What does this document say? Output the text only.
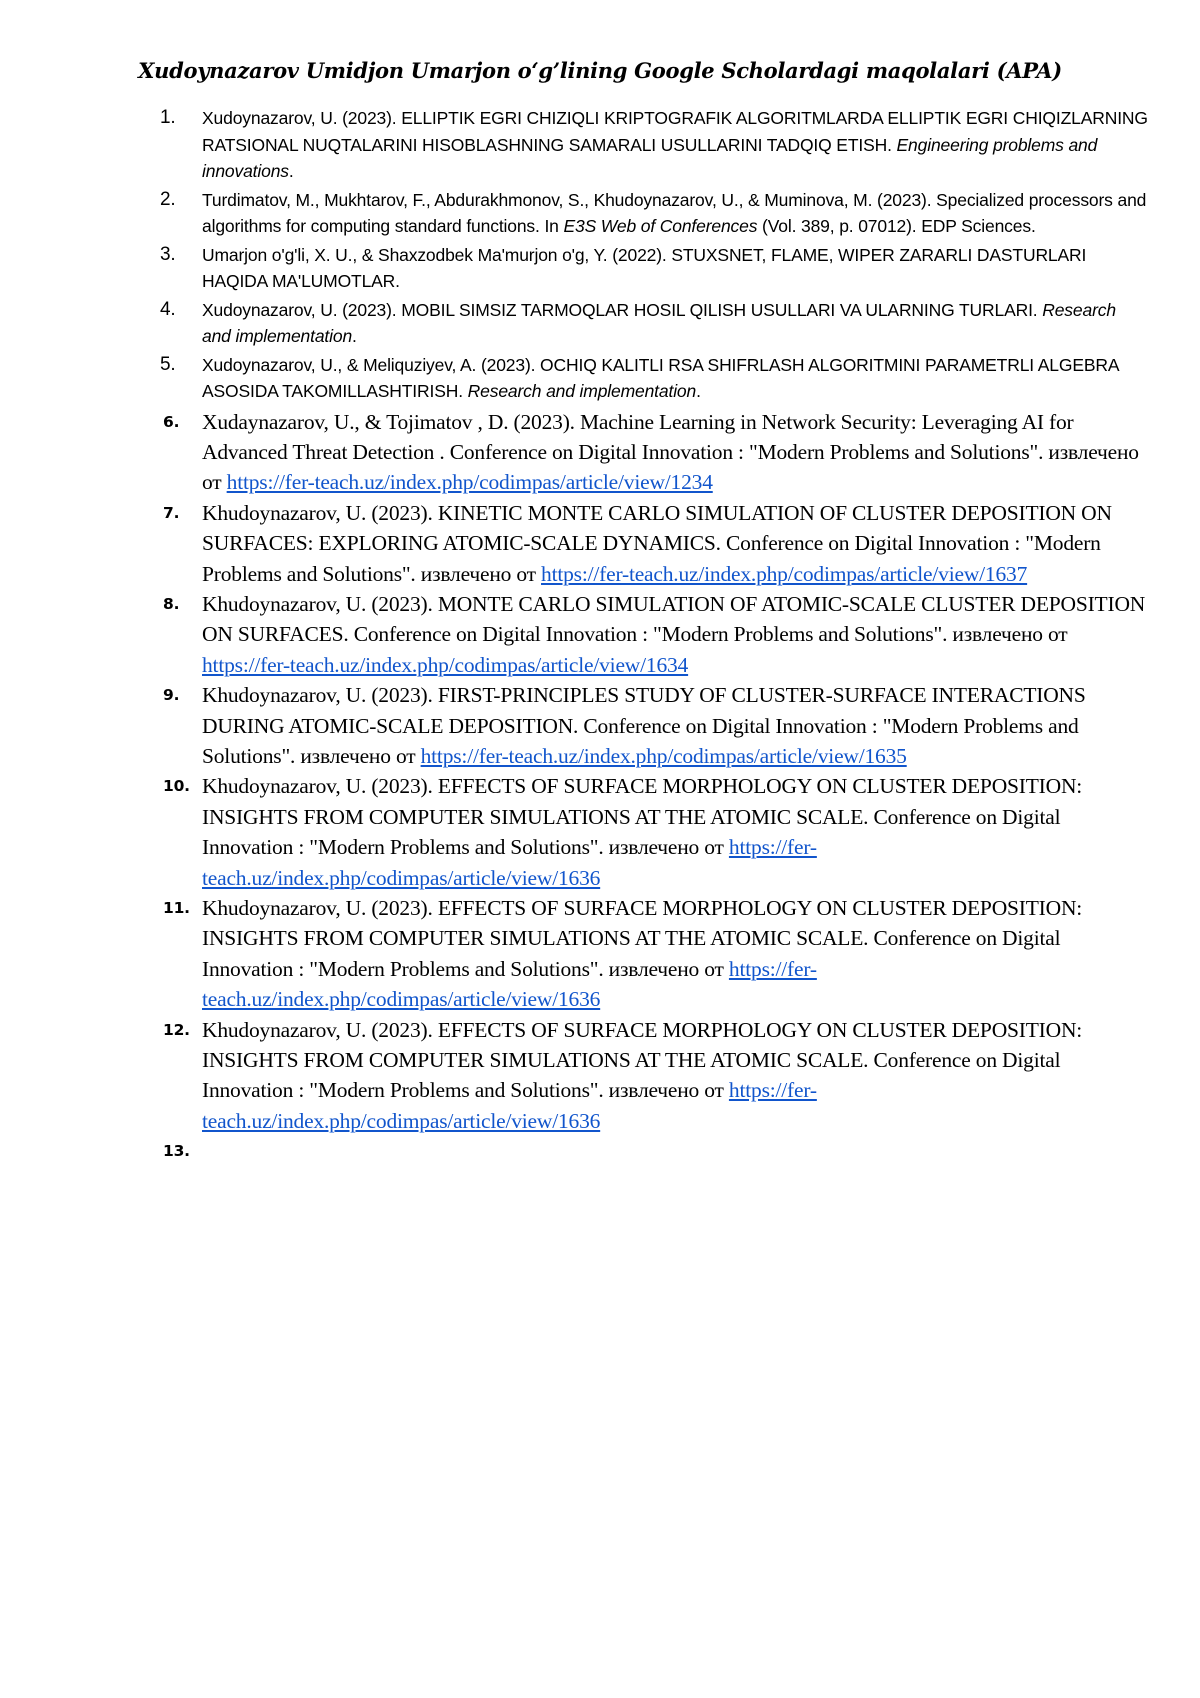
Xudoynazarov Umidjon Umarjon o‘g’lining Google Scholardagi maqolalari (APA)
1. Xudoynazarov, U. (2023). ELLIPTIK EGRI CHIZIQLI KRIPTOGRAFIK ALGORITMLARDA ELLIPTIK EGRI CHIQIZLARNING RATSIONAL NUQTALARINI HISOBLASHNING SAMARALI USULLARINI TADQIQ ETISH. Engineering problems and innovations.
2. Turdimatov, M., Mukhtarov, F., Abdurakhmonov, S., Khudoynazarov, U., & Muminova, M. (2023). Specialized processors and algorithms for computing standard functions. In E3S Web of Conferences (Vol. 389, p. 07012). EDP Sciences.
3. Umarjon o'g'li, X. U., & Shaxzodbek Ma'murjon o'g, Y. (2022). STUXSNET, FLAME, WIPER ZARARLI DASTURLARI HAQIDA MA'LUMOTLAR.
4. Xudoynazarov, U. (2023). MOBIL SIMSIZ TARMOQLAR HOSIL QILISH USULLARI VA ULARNING TURLARI. Research and implementation.
5. Xudoynazarov, U., & Meliquziyev, A. (2023). OCHIQ KALITLI RSA SHIFRLASH ALGORITMINI PARAMETRLI ALGEBRA ASOSIDA TAKOMILLASHTIRISH. Research and implementation.
6. Xudaynazarov, U., & Tojimatov , D. (2023). Machine Learning in Network Security: Leveraging AI for Advanced Threat Detection . Conference on Digital Innovation : "Modern Problems and Solutions". извлечено от https://fer-teach.uz/index.php/codimpas/article/view/1234
7. Khudoynazarov, U. (2023). KINETIC MONTE CARLO SIMULATION OF CLUSTER DEPOSITION ON SURFACES: EXPLORING ATOMIC-SCALE DYNAMICS. Conference on Digital Innovation : "Modern Problems and Solutions". извлечено от https://fer-teach.uz/index.php/codimpas/article/view/1637
8. Khudoynazarov, U. (2023). MONTE CARLO SIMULATION OF ATOMIC-SCALE CLUSTER DEPOSITION ON SURFACES. Conference on Digital Innovation : "Modern Problems and Solutions". извлечено от https://fer-teach.uz/index.php/codimpas/article/view/1634
9. Khudoynazarov, U. (2023). FIRST-PRINCIPLES STUDY OF CLUSTER-SURFACE INTERACTIONS DURING ATOMIC-SCALE DEPOSITION. Conference on Digital Innovation : "Modern Problems and Solutions". извлечено от https://fer-teach.uz/index.php/codimpas/article/view/1635
10. Khudoynazarov, U. (2023). EFFECTS OF SURFACE MORPHOLOGY ON CLUSTER DEPOSITION: INSIGHTS FROM COMPUTER SIMULATIONS AT THE ATOMIC SCALE. Conference on Digital Innovation : "Modern Problems and Solutions". извлечено от https://fer-teach.uz/index.php/codimpas/article/view/1636
11. Khudoynazarov, U. (2023). EFFECTS OF SURFACE MORPHOLOGY ON CLUSTER DEPOSITION: INSIGHTS FROM COMPUTER SIMULATIONS AT THE ATOMIC SCALE. Conference on Digital Innovation : "Modern Problems and Solutions". извлечено от https://fer-teach.uz/index.php/codimpas/article/view/1636
12. Khudoynazarov, U. (2023). EFFECTS OF SURFACE MORPHOLOGY ON CLUSTER DEPOSITION: INSIGHTS FROM COMPUTER SIMULATIONS AT THE ATOMIC SCALE. Conference on Digital Innovation : "Modern Problems and Solutions". извлечено от https://fer-teach.uz/index.php/codimpas/article/view/1636
13.
